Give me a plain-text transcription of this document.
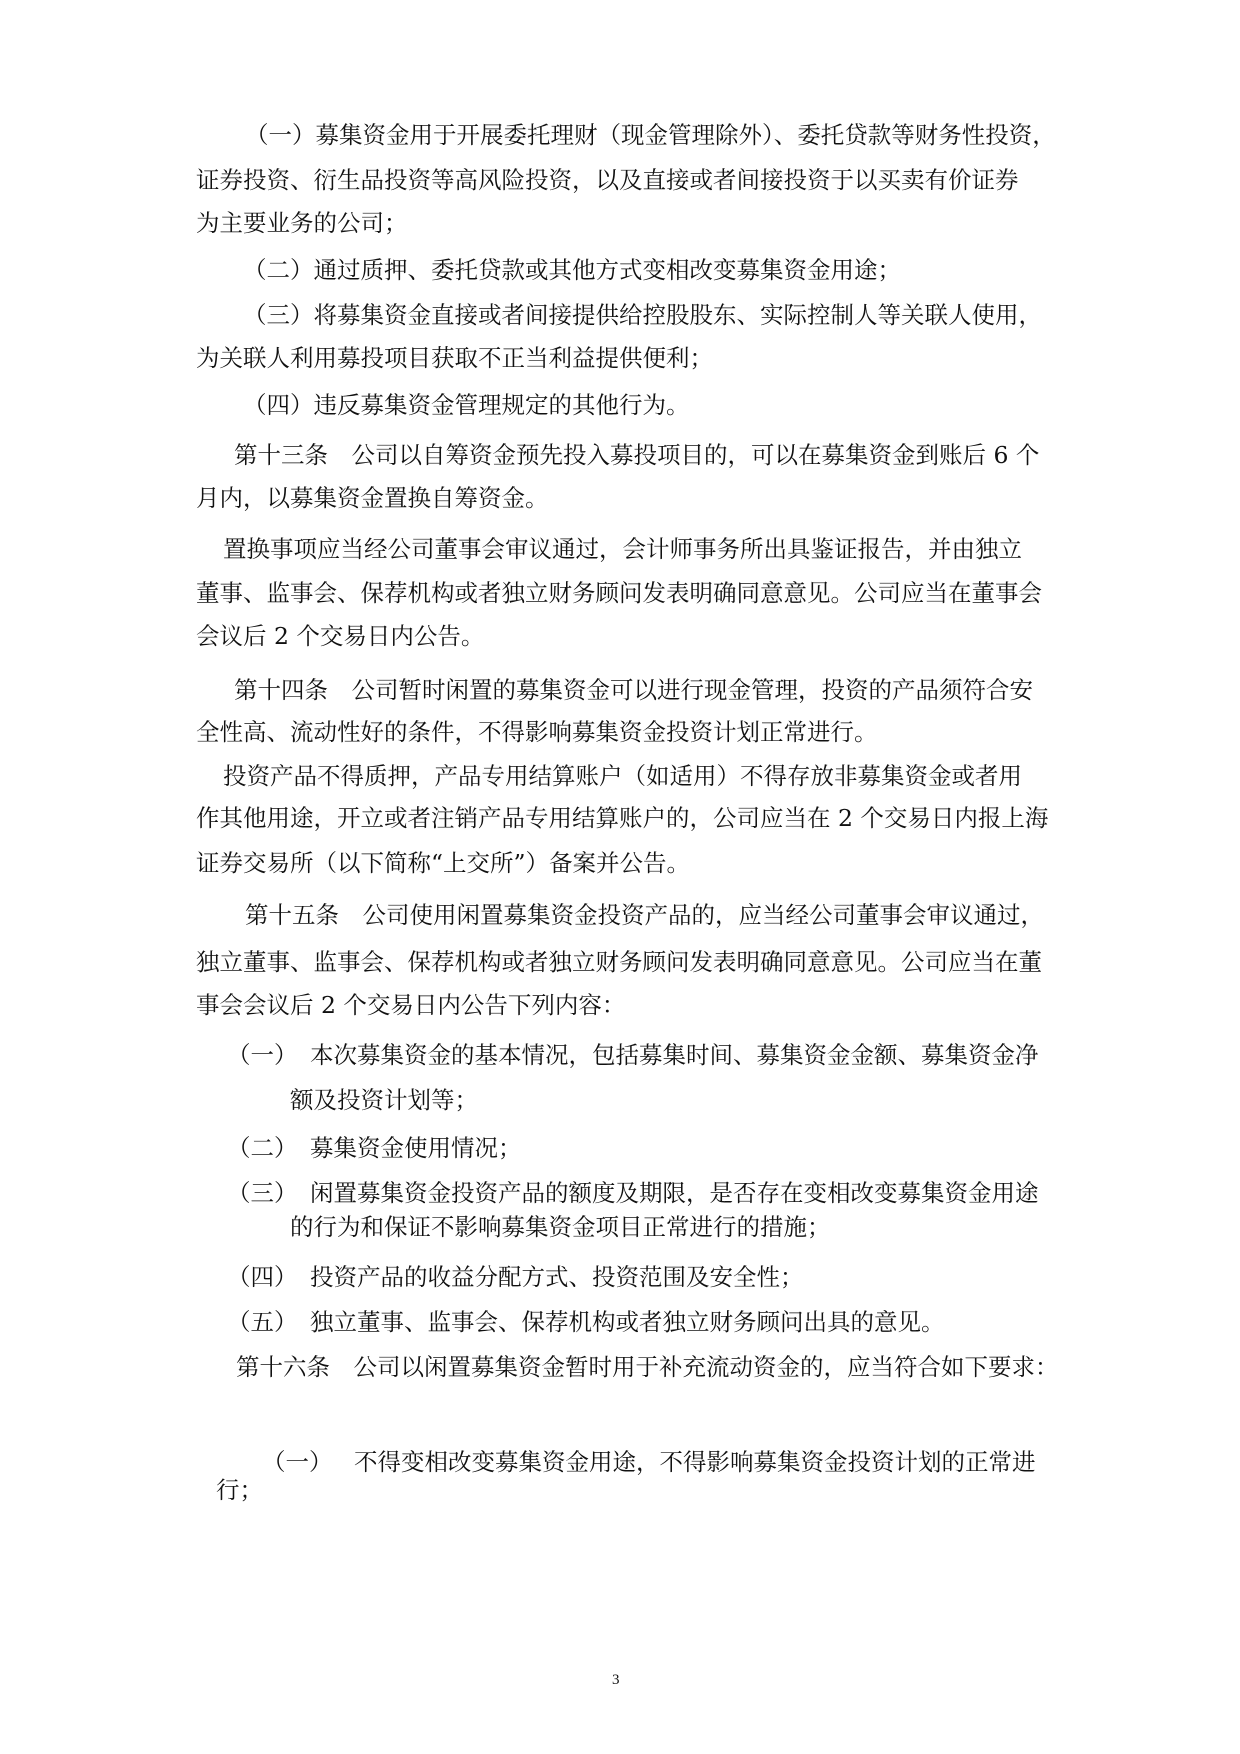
（一）募集资金用于开展委托理财（现金管理除外）、委托贷款等财务性投资，
证券投资、衍生品投资等高风险投资，以及直接或者间接投资于以买卖有价证券
为主要业务的公司；
（二）通过质押、委托贷款或其他方式变相改变募集资金用途；
（三）将募集资金直接或者间接提供给控股股东、实际控制人等关联人使用，
为关联人利用募投项目获取不正当利益提供便利；
（四）违反募集资金管理规定的其他行为。
第十三条　公司以自筹资金预先投入募投项目的，可以在募集资金到账后 6 个
月内，以募集资金置换自筹资金。
置换事项应当经公司董事会审议通过，会计师事务所出具鉴证报告，并由独立
董事、监事会、保荐机构或者独立财务顾问发表明确同意意见。公司应当在董事会
会议后 2 个交易日内公告。
第十四条　公司暂时闲置的募集资金可以进行现金管理，投资的产品须符合安
全性高、流动性好的条件，不得影响募集资金投资计划正常进行。
投资产品不得质押，产品专用结算账户（如适用）不得存放非募集资金或者用
作其他用途，开立或者注销产品专用结算账户的，公司应当在 2 个交易日内报上海
证券交易所（以下简称“上交所”）备案并公告。
第十五条　公司使用闲置募集资金投资产品的，应当经公司董事会审议通过，
独立董事、监事会、保荐机构或者独立财务顾问发表明确同意意见。公司应当在董
事会会议后 2 个交易日内公告下列内容：
（一） 本次募集资金的基本情况，包括募集时间、募集资金金额、募集资金净
额及投资计划等；
（二） 募集资金使用情况；
（三） 闲置募集资金投资产品的额度及期限，是否存在变相改变募集资金用途
的行为和保证不影响募集资金项目正常进行的措施；
（四） 投资产品的收益分配方式、投资范围及安全性；
（五） 独立董事、监事会、保荐机构或者独立财务顾问出具的意见。
第十六条　公司以闲置募集资金暂时用于补充流动资金的，应当符合如下要求：
（一） 不得变相改变募集资金用途，不得影响募集资金投资计划的正常进
行；
3
